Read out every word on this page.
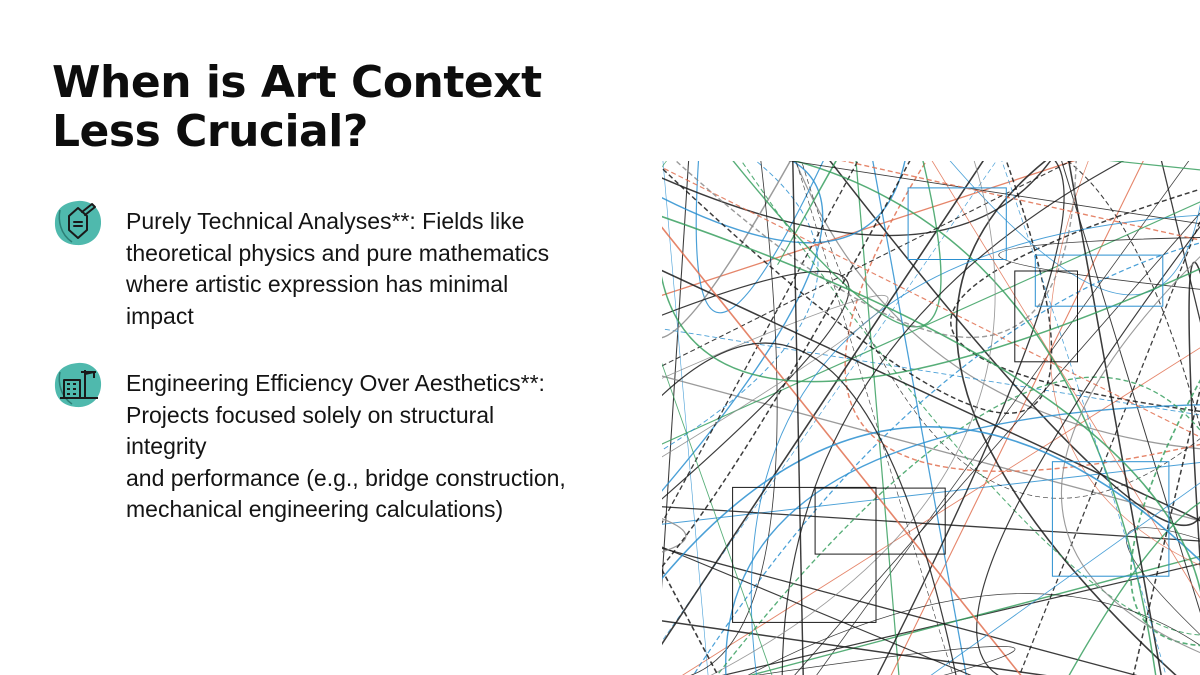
When is Art Context Less Crucial?

Purely Technical Analyses**: Fields like theoretical physics and pure mathematics where artistic expression has minimal impact

Engineering Efficiency Over Aesthetics**: Projects focused solely on structural integrity
and performance (e.g., bridge construction, mechanical engineering calculations)
